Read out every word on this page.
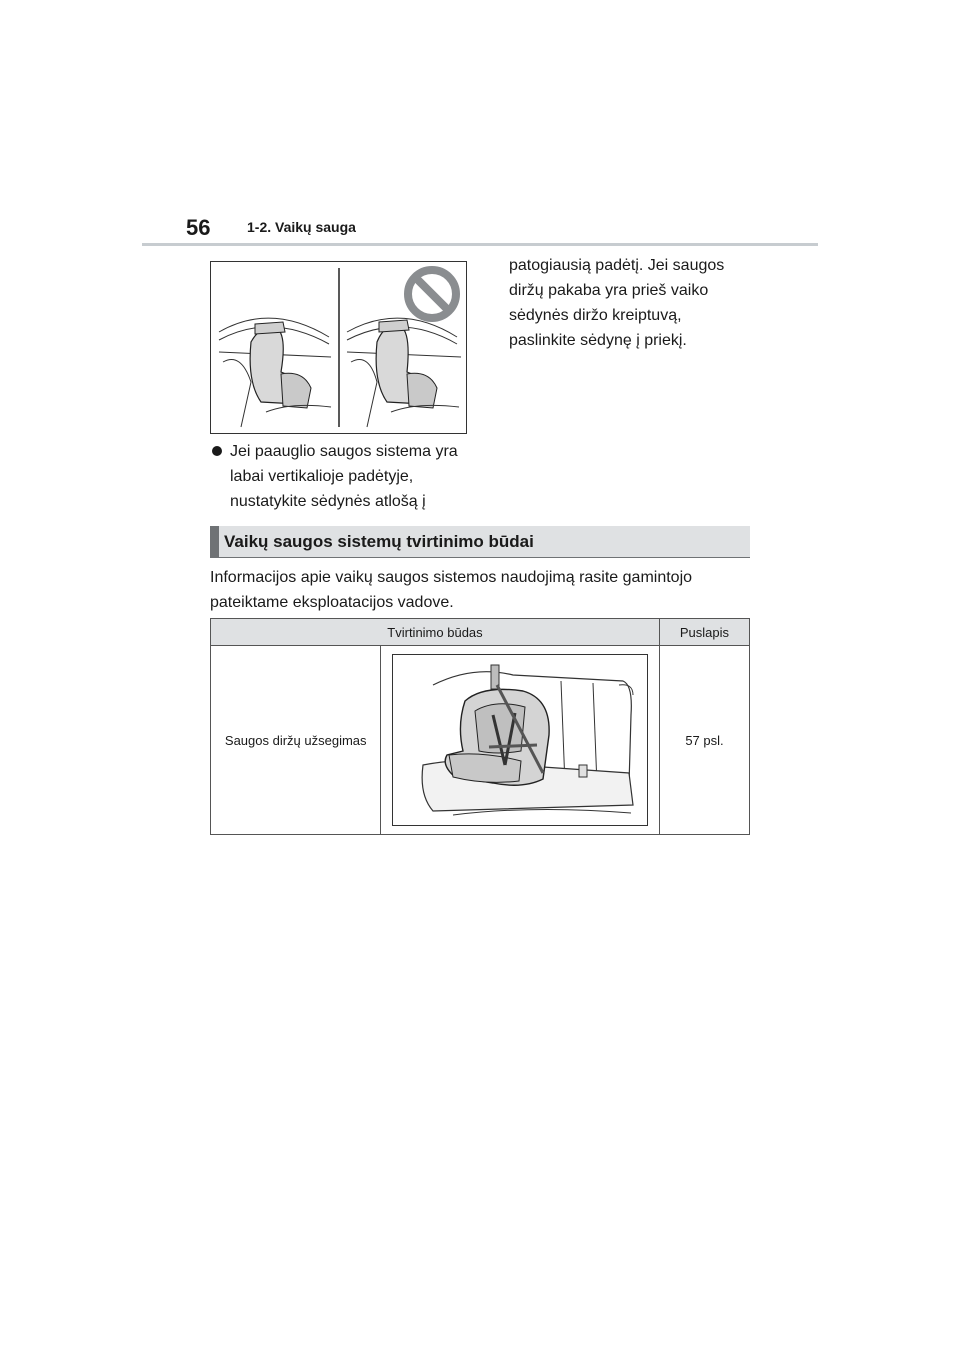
56	1-2. Vaikų sauga

patogiausią padėtį. Jei saugos

diržų pakaba yra prieš vaiko

sėdynės diržo kreiptuvą,

paslinkite sėdynę į priekį.

Jei paauglio saugos sistema yra

labai vertikalioje padėtyje,

nustatykite sėdynės atlošą į

Vaikų saugos sistemų tvirtinimo būdai

Informacijos apie vaikų saugos sistemos naudojimą rasite gamintojo

pateiktame eksploatacijos vadove.

Tvirtinimo būdas		Puslapis
Saugos diržų užsegimas		57 psl.
